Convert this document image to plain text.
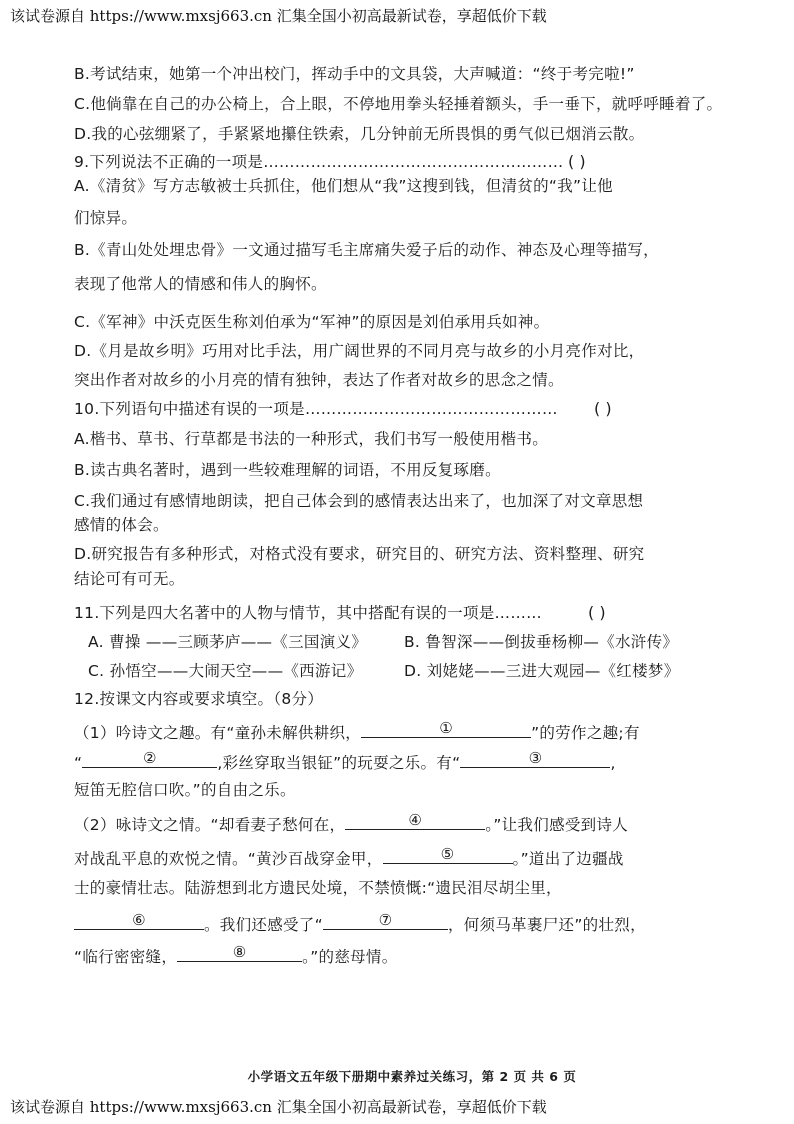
该试卷源自 https://www.mxsj663.cn 汇集全国小初高最新试卷，享超低价下载
B.考试结束，她第一个冲出校门，挥动手中的文具袋，大声喊道：“终于考完啦!”
C.他倘靠在自己的办公椅上，合上眼，不停地用拳头轻捶着额头，手一垂下，就呼呼睡着了。
D.我的心弦绷紧了，手紧紧地攥住铁索，几分钟前无所畏惧的勇气似已烟消云散。
9.下列说法不正确的一项是………………………………………………… ( )
A.《清贫》写方志敏被士兵抓住，他们想从“我”这搜到钱，但清贫的“我”让他
们惊异。
B.《青山处处埋忠骨》一文通过描写毛主席痛失爱子后的动作、神态及心理等描写，
表现了他常人的情感和伟人的胸怀。
C.《军神》中沃克医生称刘伯承为“军神”的原因是刘伯承用兵如神。
D.《月是故乡明》巧用对比手法，用广阔世界的不同月亮与故乡的小月亮作对比，
突出作者对故乡的小月亮的情有独钟，表达了作者对故乡的思念之情。
10.下列语句中描述有误的一项是…………………………………………	( )
A.楷书、草书、行草都是书法的一种形式，我们书写一般使用楷书。
B.读古典名著时，遇到一些较难理解的词语，不用反复琢磨。
C.我们通过有感情地朗读，把自己体会到的感情表达出来了，也加深了对文章思想
感情的体会。
D.研究报告有多种形式，对格式没有要求，研究目的、研究方法、资料整理、研究
结论可有可无。
11.下列是四大名著中的人物与情节，其中搭配有误的一项是………	( )
A. 曹操 ——三顾茅庐——《三国演义》	B. 鲁智深——倒拔垂杨柳—《水浒传》
C. 孙悟空——大闹天空——《西游记》	D. 刘姥姥——三进大观园—《红楼梦》
12.按课文内容或要求填空。（8分）
（1）吟诗文之趣。有“童孙未解供耕织，	①	”的劳作之趣;有
“	②	,彩丝穿取当银钲”的玩耍之乐。有“	③	,
短笛无腔信口吹。”的自由之乐。
（2）咏诗文之情。“却看妻子愁何在，	④	。”让我们感受到诗人
对战乱平息的欢悦之情。“黄沙百战穿金甲，	⑤	。”道出了边疆战
士的豪情壮志。陆游想到北方遗民处境，不禁愤慨:“遗民泪尽胡尘里，
⑥	。我们还感受了“	⑦	，何须马革裹尸还”的壮烈，
“临行密密缝，	⑧	。”的慈母情。
小学语文五年级下册期中素养过关练习，第 2 页 共 6 页
该试卷源自 https://www.mxsj663.cn 汇集全国小初高最新试卷，享超低价下载
